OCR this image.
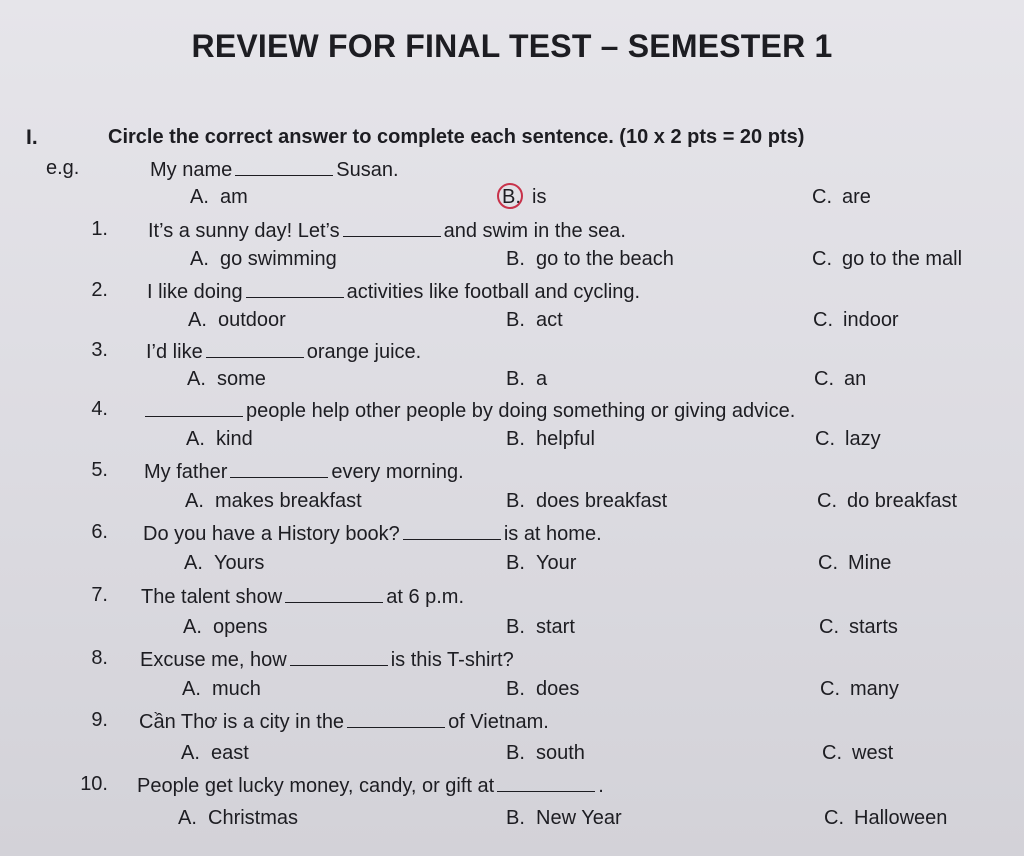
REVIEW FOR FINAL TEST – SEMESTER 1
I.	Circle the correct answer to complete each sentence. (10 x 2 pts = 20 pts)
e.g.	My name	Susan.
A. am	B. is	C. are
1. It’s a sunny day! Let’s	and swim in the sea.
A. go swimming	B. go to the beach	C. go to the mall
2. I like doing	activities like football and cycling.
A. outdoor	B. act	C. indoor
3. I’d like	orange juice.
A. some	B. a	C. an
4.	people help other people by doing something or giving advice.
A. kind	B. helpful	C. lazy
5. My father	every morning.
A. makes breakfast	B. does breakfast	C. do breakfast
6. Do you have a History book?	is at home.
A. Yours	B. Your	C. Mine
7. The talent show	at 6 p.m.
A. opens	B. start	C. starts
8. Excuse me, how	is this T-shirt?
A. much	B. does	C. many
9. Cần Thơ is a city in the	of Vietnam.
A. east	B. south	C. west
10. People get lucky money, candy, or gift at	.
A. Christmas	B. New Year	C. Halloween
